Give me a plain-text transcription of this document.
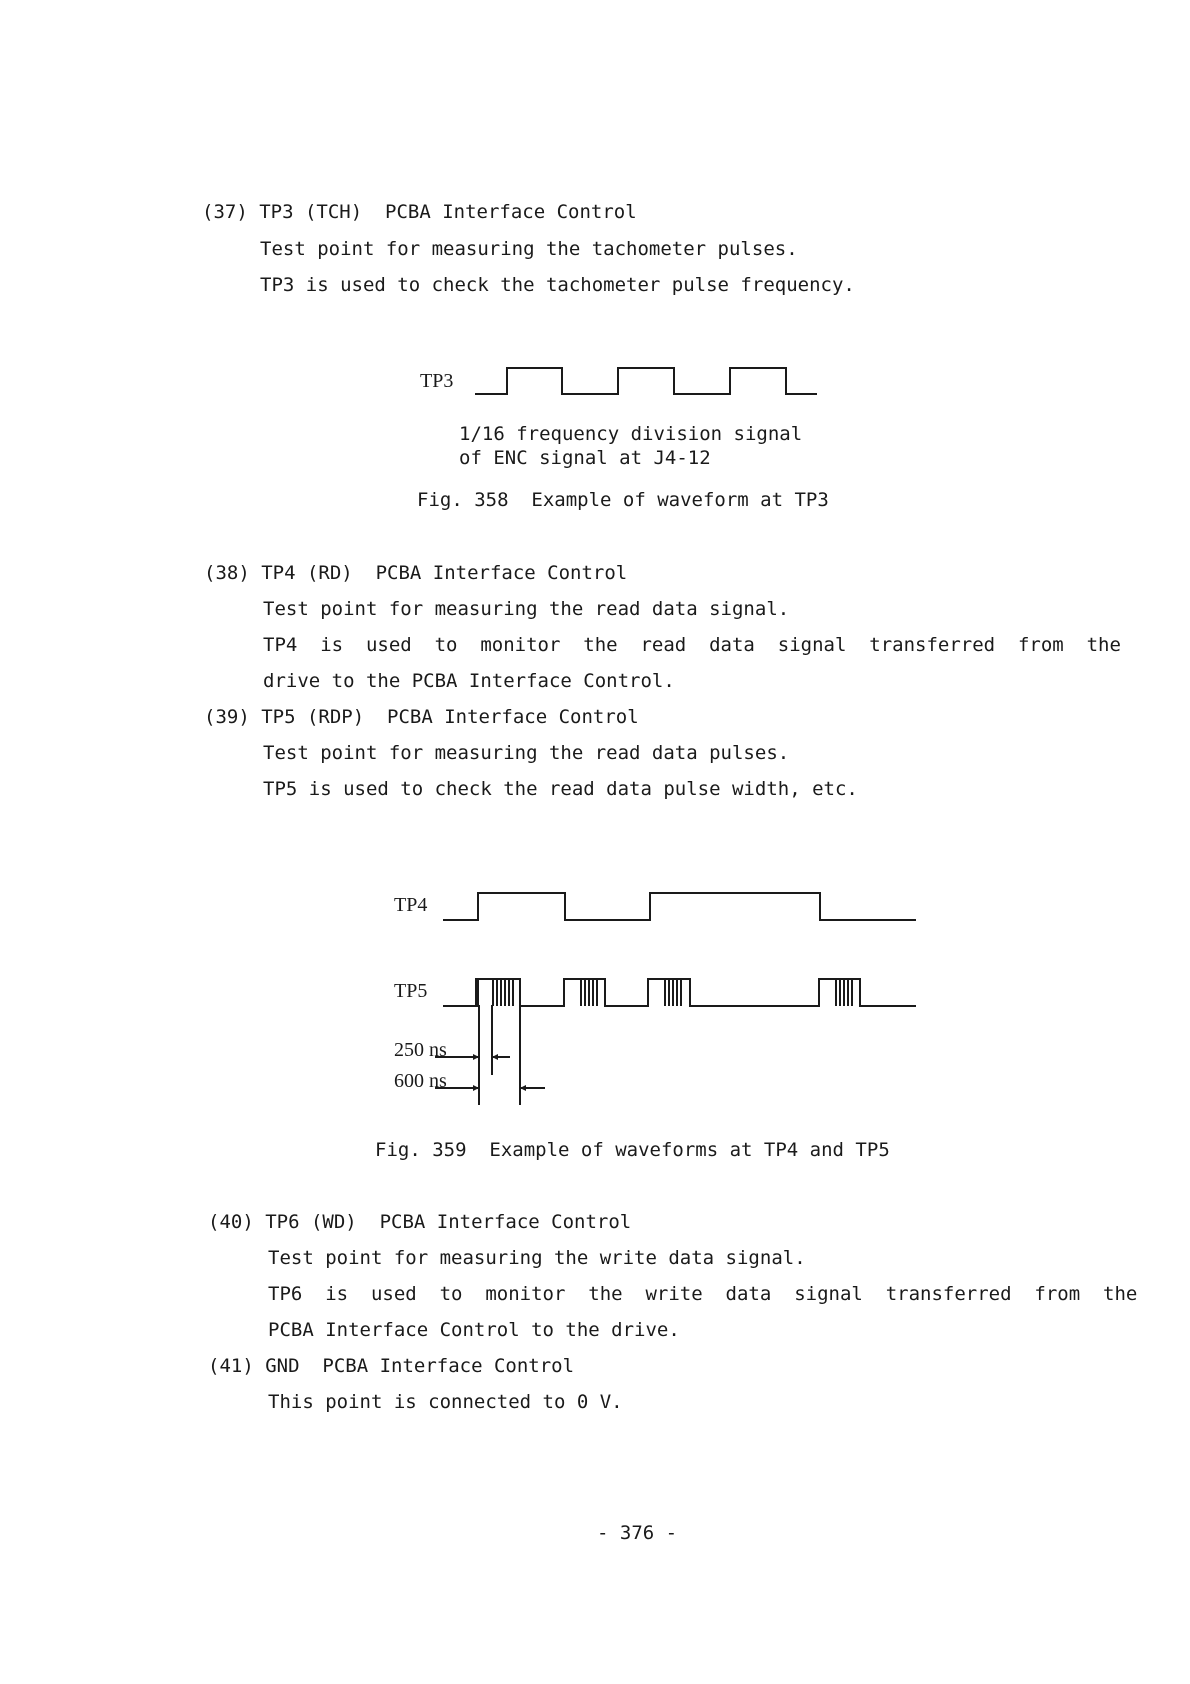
(37) TP3 (TCH)  PCBA Interface Control
Test point for measuring the tachometer pulses.
TP3 is used to check the tachometer pulse frequency.
TP3
1/16 frequency division signal
of ENC signal at J4-12
Fig. 358  Example of waveform at TP3
(38) TP4 (RD)  PCBA Interface Control
Test point for measuring the read data signal.
TP4  is  used  to  monitor  the  read  data  signal  transferred  from  the
drive to the PCBA Interface Control.
(39) TP5 (RDP)  PCBA Interface Control
Test point for measuring the read data pulses.
TP5 is used to check the read data pulse width, etc.
TP4
TP5
250 ns
600 ns
Fig. 359  Example of waveforms at TP4 and TP5
(40) TP6 (WD)  PCBA Interface Control
Test point for measuring the write data signal.
TP6  is  used  to  monitor  the  write  data  signal  transferred  from  the
PCBA Interface Control to the drive.
(41) GND  PCBA Interface Control
This point is connected to 0 V.
- 376 -
